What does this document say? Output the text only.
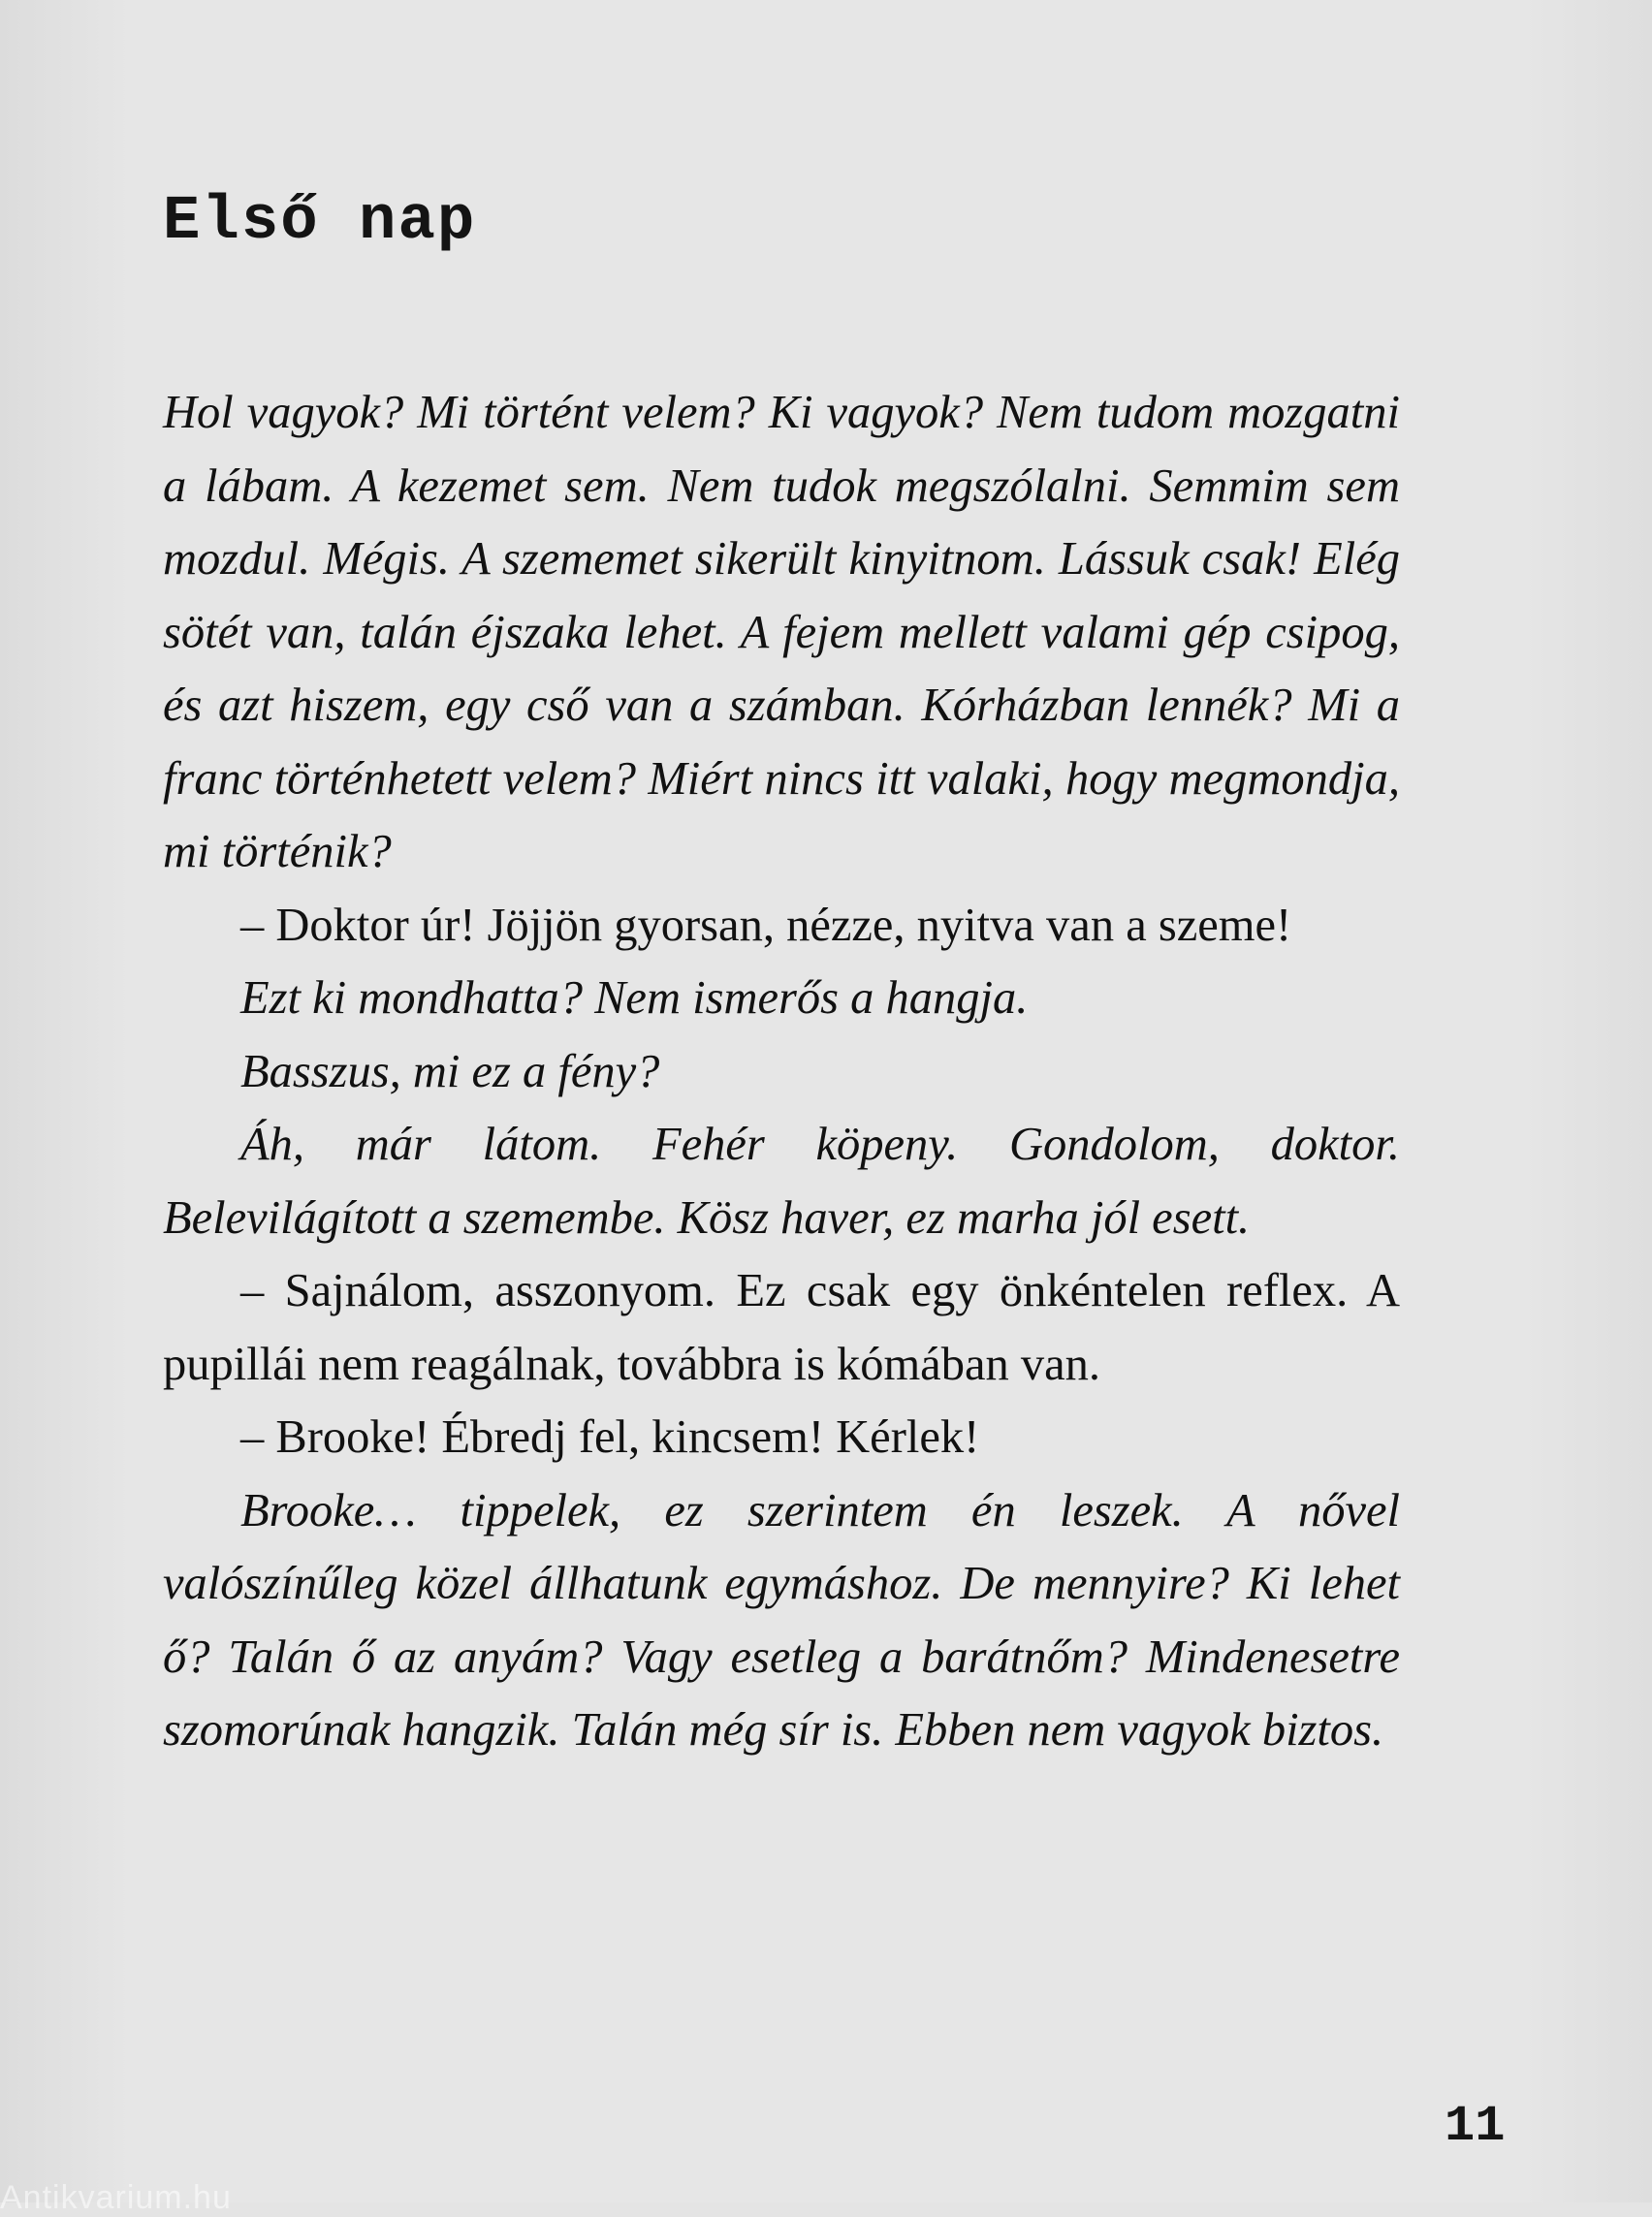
Első nap

Hol vagyok? Mi történt velem? Ki vagyok? Nem tudom mozgatni a lábam. A kezemet sem. Nem tudok megszólalni. Semmim sem mozdul. Mégis. A szememet sikerült kinyitnom. Lássuk csak! Elég sötét van, talán éjszaka lehet. A fejem mellett valami gép csipog, és azt hiszem, egy cső van a számban. Kórházban lennék? Mi a franc történhetett velem? Miért nincs itt valaki, hogy megmondja, mi történik?

– Doktor úr! Jöjjön gyorsan, nézze, nyitva van a szeme!

Ezt ki mondhatta? Nem ismerős a hangja.

Basszus, mi ez a fény?

Áh, már látom. Fehér köpeny. Gondolom, doktor. Belevilágított a szemembe. Kösz haver, ez marha jól esett.

– Sajnálom, asszonyom. Ez csak egy önkéntelen reflex. A pupillái nem reagálnak, továbbra is kómában van.

– Brooke! Ébredj fel, kincsem! Kérlek!

Brooke… tippelek, ez szerintem én leszek. A nővel valószínűleg közel állhatunk egymáshoz. De mennyire? Ki lehet ő? Talán ő az anyám? Vagy esetleg a barátnőm? Mindenesetre szomorúnak hangzik. Talán még sír is. Ebben nem vagyok biztos.

11
Antikvarium.hu
